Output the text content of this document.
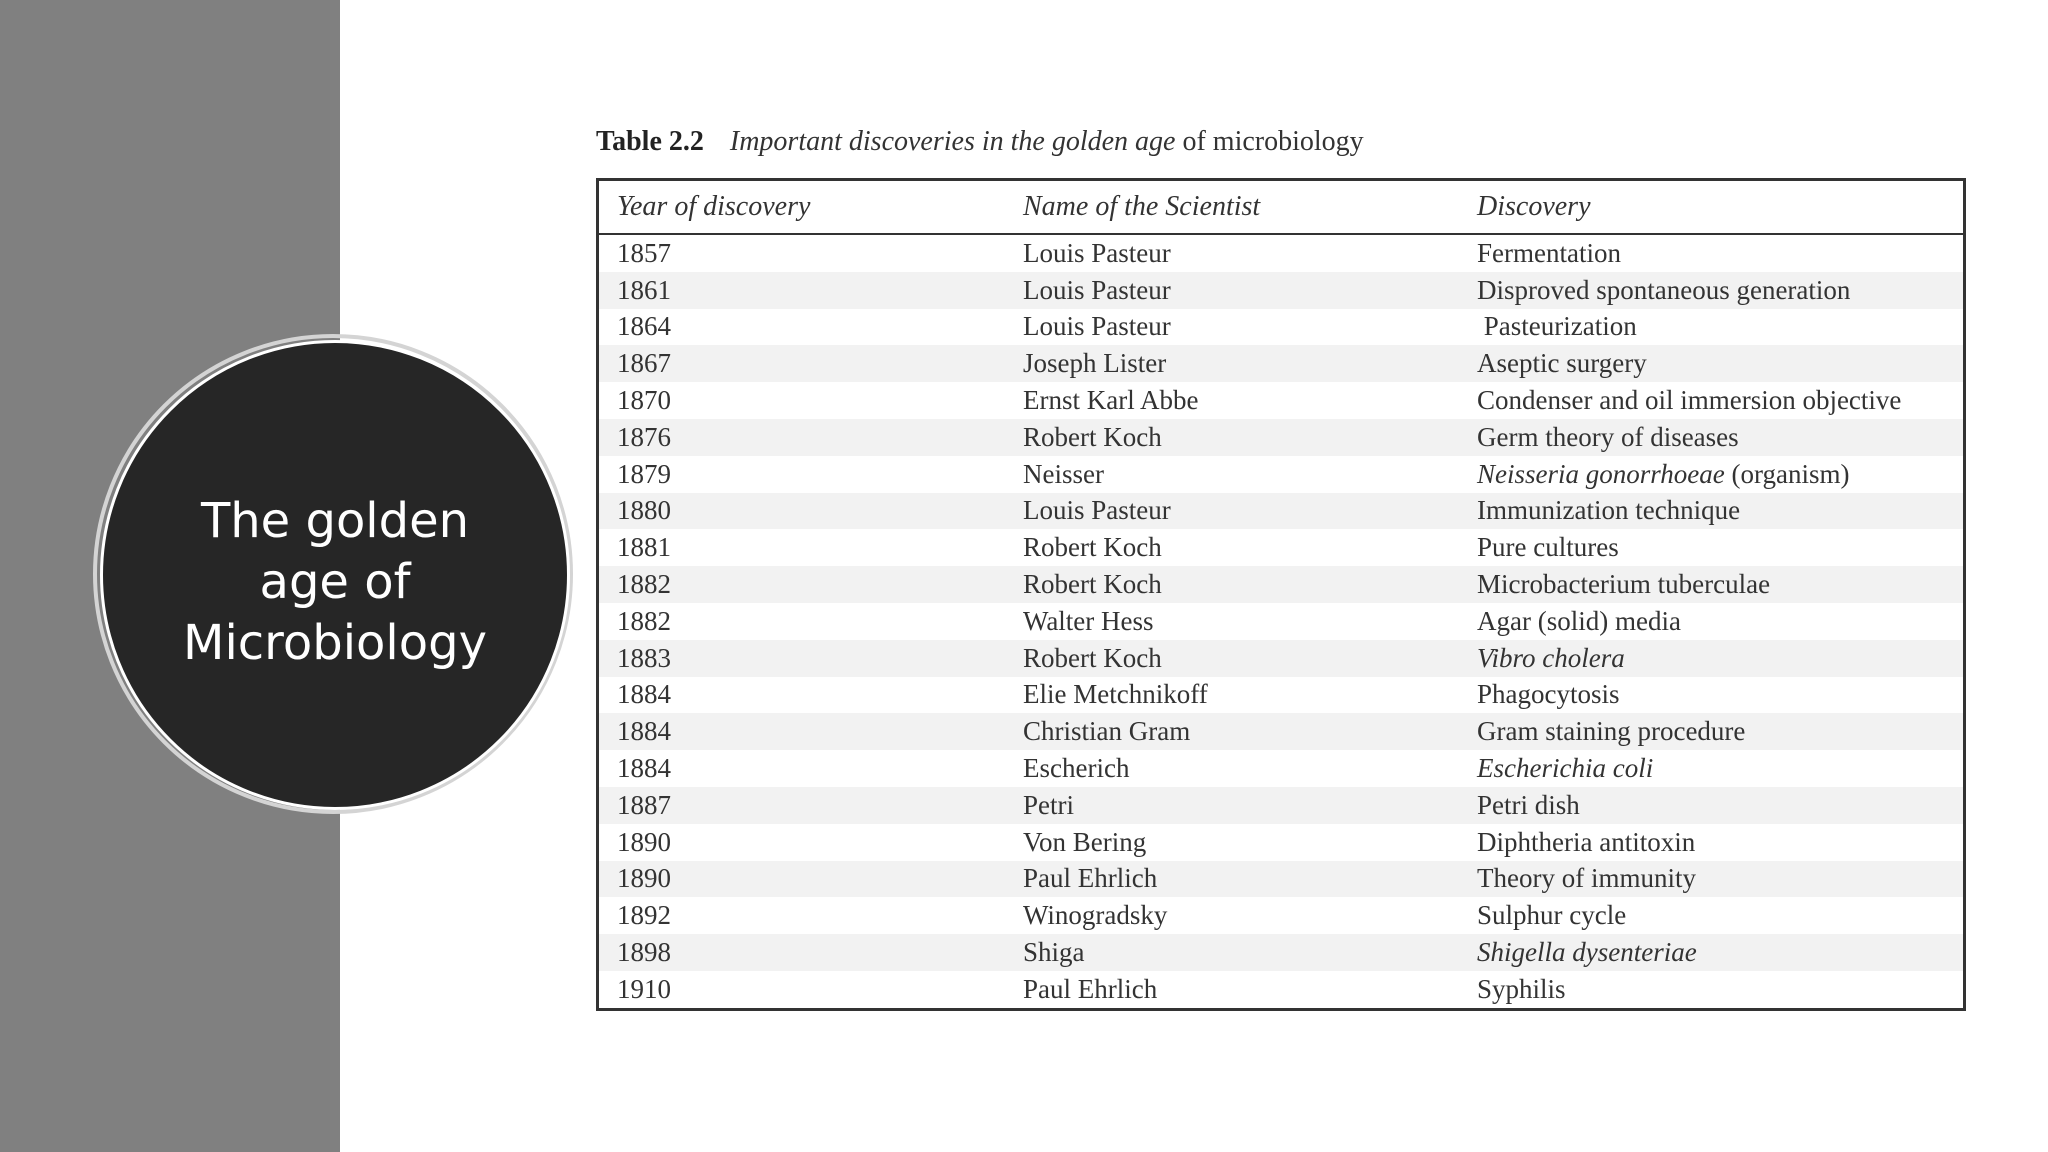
The golden age of Microbiology
Table 2.2 Important discoveries in the golden age of microbiology
Year of discovery	Name of the Scientist	Discovery
1857	Louis Pasteur	Fermentation
1861	Louis Pasteur	Disproved spontaneous generation
1864	Louis Pasteur	Pasteurization
1867	Joseph Lister	Aseptic surgery
1870	Ernst Karl Abbe	Condenser and oil immersion objective
1876	Robert Koch	Germ theory of diseases
1879	Neisser	Neisseria gonorrhoeae (organism)
1880	Louis Pasteur	Immunization technique
1881	Robert Koch	Pure cultures
1882	Robert Koch	Microbacterium tuberculae
1882	Walter Hess	Agar (solid) media
1883	Robert Koch	Vibro cholera
1884	Elie Metchnikoff	Phagocytosis
1884	Christian Gram	Gram staining procedure
1884	Escherich	Escherichia coli
1887	Petri	Petri dish
1890	Von Bering	Diphtheria antitoxin
1890	Paul Ehrlich	Theory of immunity
1892	Winogradsky	Sulphur cycle
1898	Shiga	Shigella dysenteriae
1910	Paul Ehrlich	Syphilis
